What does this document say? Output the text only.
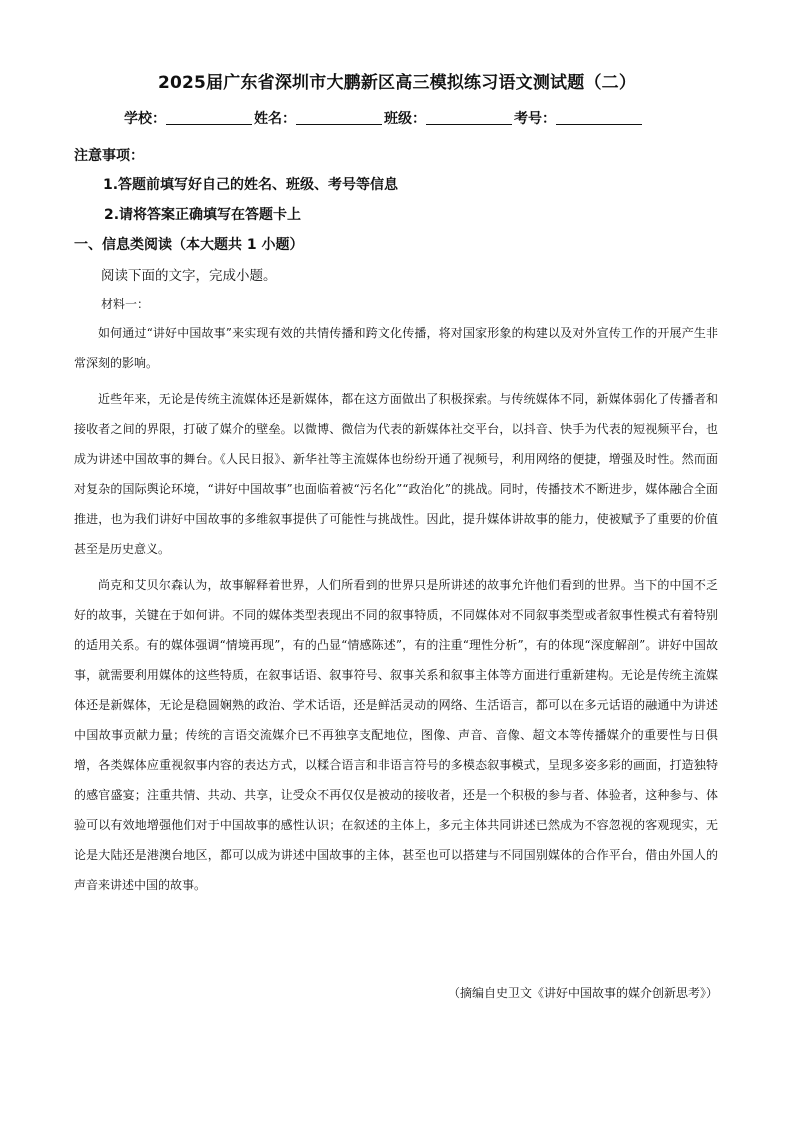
2025届广东省深圳市大鹏新区高三模拟练习语文测试题（二）
学校：	姓名：	班级：	考号：
注意事项：
1.答题前填写好自己的姓名、班级、考号等信息
2.请将答案正确填写在答题卡上
一、信息类阅读（本大题共 1 小题）
阅读下面的文字，完成小题。
材料一：

如何通过“讲好中国故事”来实现有效的共情传播和跨文化传播，将对国家形象的构建以及对外宣传工作的开展产生非常深刻的影响。

近些年来，无论是传统主流媒体还是新媒体，都在这方面做出了积极探索。与传统媒体不同，新媒体弱化了传播者和接收者之间的界限，打破了媒介的壁垒。以微博、微信为代表的新媒体社交平台，以抖音、快手为代表的短视频平台，也成为讲述中国故事的舞台。《人民日报》、新华社等主流媒体也纷纷开通了视频号，利用网络的便捷，增强及时性。然而面对复杂的国际舆论环境，“讲好中国故事”也面临着被“污名化”“政治化”的挑战。同时，传播技术不断进步，媒体融合全面推进，也为我们讲好中国故事的多维叙事提供了可能性与挑战性。因此，提升媒体讲故事的能力，使被赋予了重要的价值甚至是历史意义。

尚克和艾贝尔森认为，故事解释着世界，人们所看到的世界只是所讲述的故事允许他们看到的世界。当下的中国不乏好的故事，关键在于如何讲。不同的媒体类型表现出不同的叙事特质，不同媒体对不同叙事类型或者叙事性模式有着特别的适用关系。有的媒体强调“情境再现”，有的凸显“情感陈述”，有的注重“理性分析”，有的体现“深度解剖”。讲好中国故事，就需要利用媒体的这些特质，在叙事话语、叙事符号、叙事关系和叙事主体等方面进行重新建构。无论是传统主流媒体还是新媒体，无论是稳圆娴熟的政治、学术话语，还是鲜活灵动的网络、生活语言，都可以在多元话语的融通中为讲述中国故事贡献力量；传统的言语交流媒介已不再独享支配地位，图像、声音、音像、超文本等传播媒介的重要性与日俱增，各类媒体应重视叙事内容的表达方式，以糅合语言和非语言符号的多模态叙事模式，呈现多姿多彩的画面，打造独特的感官盛宴；注重共情、共动、共享，让受众不再仅仅是被动的接收者，还是一个积极的参与者、体验者，这种参与、体验可以有效地增强他们对于中国故事的感性认识；在叙述的主体上，多元主体共同讲述已然成为不容忽视的客观现实，无论是大陆还是港澳台地区，都可以成为讲述中国故事的主体，甚至也可以搭建与不同国别媒体的合作平台，借由外国人的声音来讲述中国的故事。

（摘编自史卫文《讲好中国故事的媒介创新思考》）
